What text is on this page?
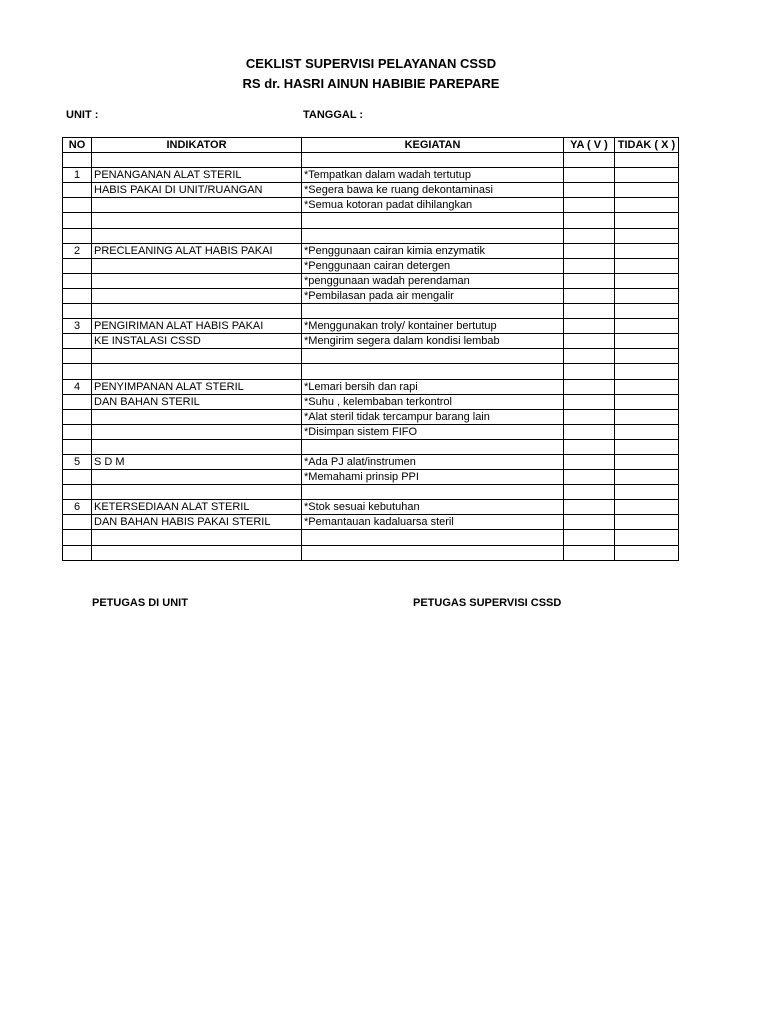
CEKLIST SUPERVISI PELAYANAN CSSD
RS dr. HASRI AINUN HABIBIE PAREPARE
UNIT :	TANGGAL :
NO	INDIKATOR	KEGIATAN	YA ( V )	TIDAK ( X )

1	PENANGANAN ALAT STERIL	*Tempatkan dalam wadah tertutup		
	HABIS PAKAI DI UNIT/RUANGAN	*Segera bawa ke ruang dekontaminasi		
		*Semua kotoran padat dihilangkan		

2	PRECLEANING ALAT HABIS PAKAI	*Penggunaan cairan kimia enzymatik		
		*Penggunaan cairan detergen		
		*penggunaan wadah perendaman		
		*Pembilasan pada air mengalir		

3	PENGIRIMAN ALAT HABIS PAKAI	*Menggunakan troly/ kontainer bertutup		
	KE INSTALASI CSSD	*Mengirim segera dalam kondisi lembab		

4	PENYIMPANAN ALAT STERIL	*Lemari bersih dan rapi		
	DAN BAHAN STERIL	*Suhu , kelembaban terkontrol		
		*Alat steril tidak tercampur barang lain		
		*Disimpan sistem FIFO		

5	S D M	*Ada PJ alat/instrumen		
		*Memahami prinsip PPI		

6	KETERSEDIAAN ALAT STERIL	*Stok sesuai kebutuhan		
	DAN BAHAN HABIS PAKAI STERIL	*Pemantauan kadaluarsa steril		

PETUGAS DI UNIT	PETUGAS SUPERVISI CSSD
